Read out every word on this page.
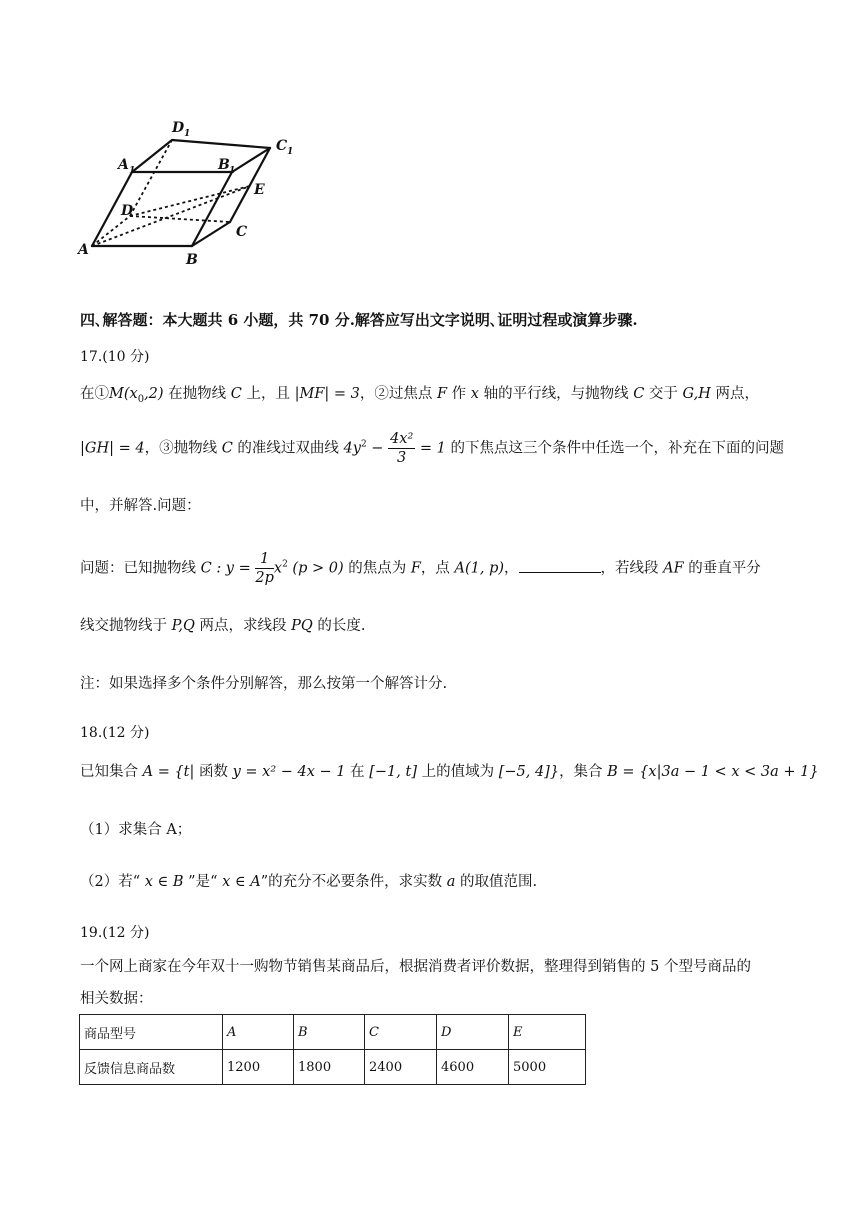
A
B
C
D
E
A 1	B 1
C 1
D 1
四､解答题：本大题共 6 小题，共 70 分.解答应写出文字说明､证明过程或演算步骤.
17.(10 分)
在$①M(x_0,2)$ 在抛物线 C 上，且 |MF| = 3，②过焦点 F 作 x 轴的平行线，与抛物线 C 交于 G,H 两点，
|GH| = 4，③抛物线 C 的准线过双曲线 $4y^2 - \frac{\text{4x²}}{3} = 1$ 的下焦点这三个条件中任选一个，补充在下面的问题
中，并解答.问题：
问题：已知抛物线 C : $y = \frac{1}{2p} x^2$ (p > 0) 的焦点为 F，点 A(1, p)，	，若线段 AF 的垂直平分
线交抛物线于 P,Q 两点，求线段 PQ 的长度.
注：如果选择多个条件分别解答，那么按第一个解答计分.
18.(12 分)
已知集合 A = {t| 函数 y = x² − 4x − 1 在 [−1, t] 上的值域为 [−5, 4]}，集合 B = {x|3a − 1 < x < 3a + 1}
（1）求集合 A；
（2）若“ x ∈ B ”是“ x ∈ A”的充分不必要条件，求实数 a 的取值范围.
19.(12 分)
一个网上商家在今年双十一购物节销售某商品后，根据消费者评价数据，整理得到销售的 5 个型号商品的
相关数据：
商品型号	A	B	C	D	E
反馈信息商品数	1200	1800	2400	4600	5000
